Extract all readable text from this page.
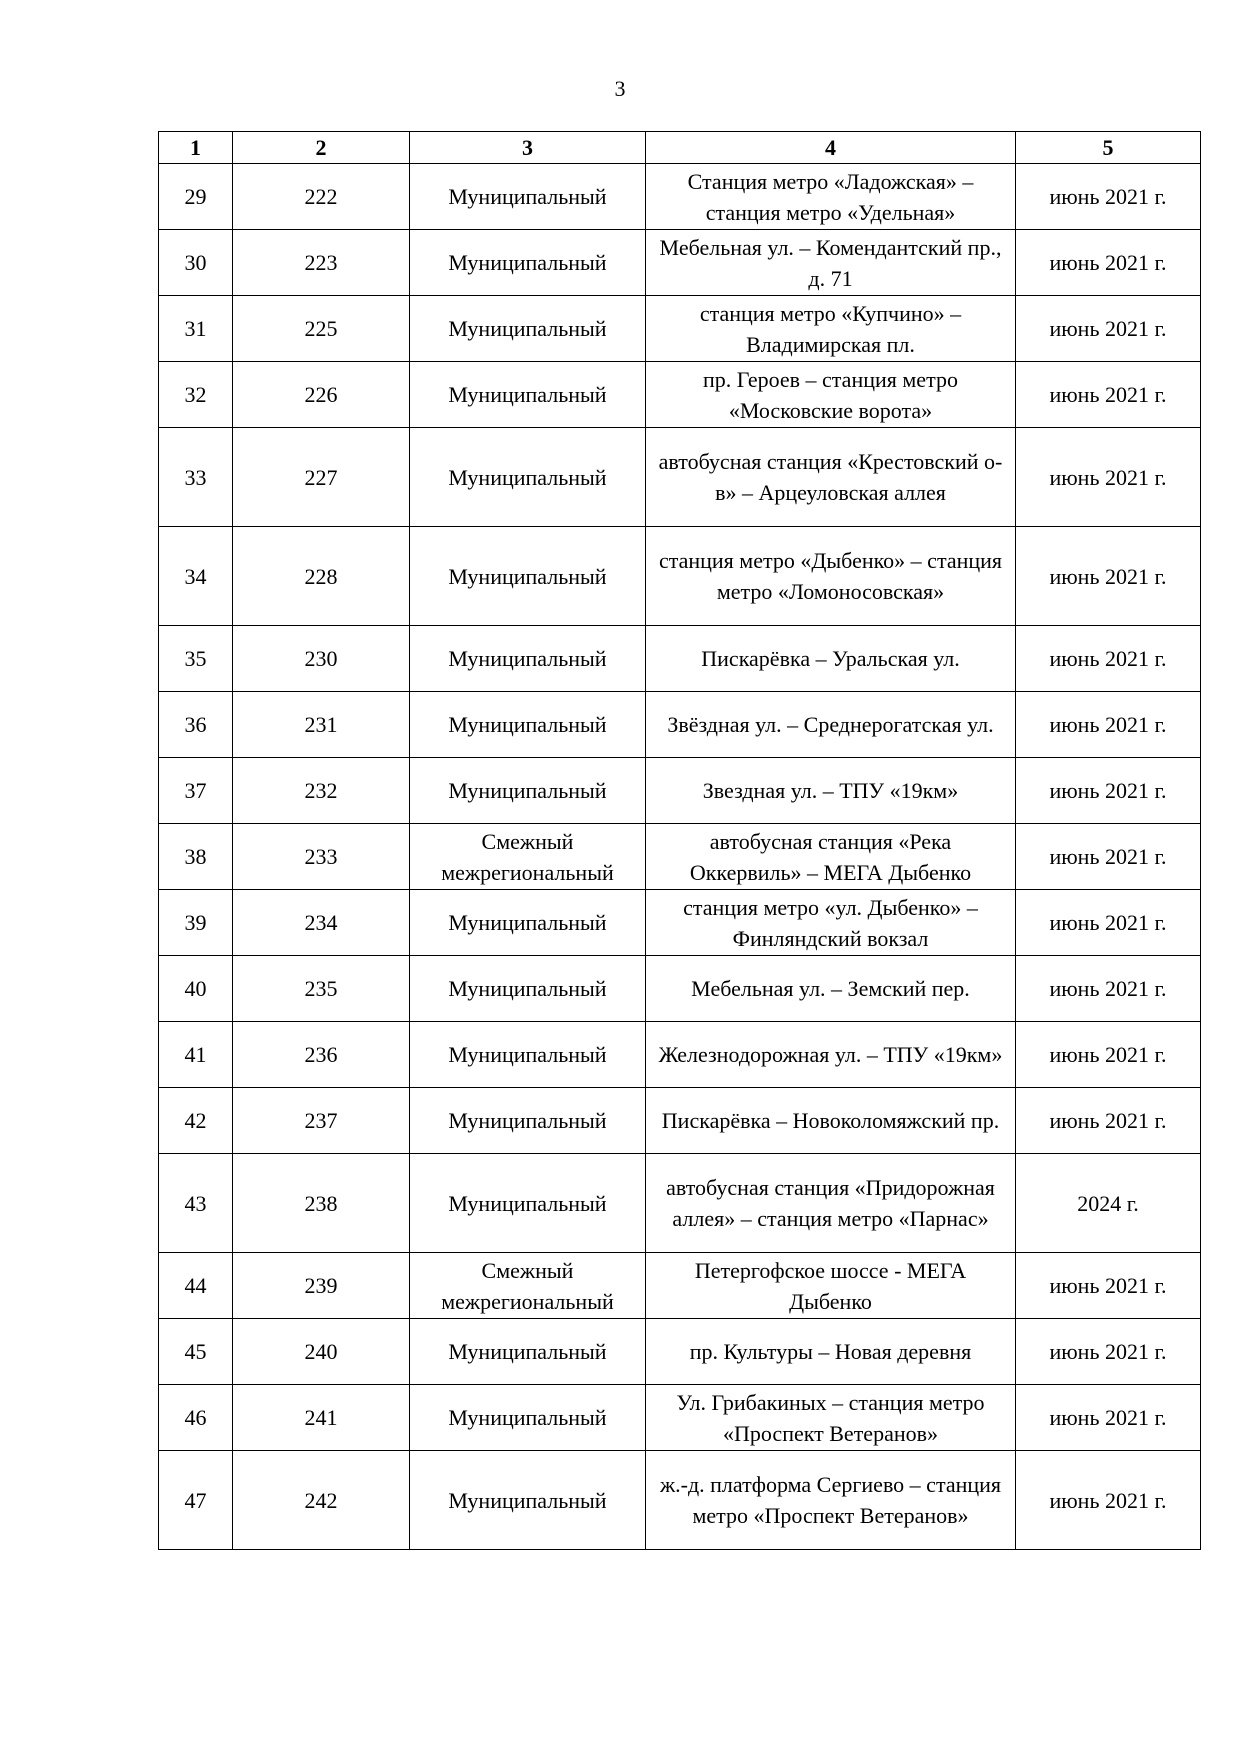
3
1	2	3	4	5
29	222	Муниципальный	Станция метро «Ладожская» – станция метро «Удельная»	июнь 2021 г.
30	223	Муниципальный	Мебельная ул. – Комендантский пр., д. 71	июнь 2021 г.
31	225	Муниципальный	станция метро «Купчино» – Владимирская пл.	июнь 2021 г.
32	226	Муниципальный	пр. Героев – станция метро «Московские ворота»	июнь 2021 г.
33	227	Муниципальный	автобусная станция «Крестовский о-в» – Арцеуловская аллея	июнь 2021 г.
34	228	Муниципальный	станция метро «Дыбенко» – станция метро «Ломоносовская»	июнь 2021 г.
35	230	Муниципальный	Пискарёвка – Уральская ул.	июнь 2021 г.
36	231	Муниципальный	Звёздная ул. – Среднерогатская ул.	июнь 2021 г.
37	232	Муниципальный	Звездная ул. – ТПУ «19км»	июнь 2021 г.
38	233	Смежный межрегиональный	автобусная станция «Река Оккервиль» – МЕГА Дыбенко	июнь 2021 г.
39	234	Муниципальный	станция метро «ул. Дыбенко» – Финляндский вокзал	июнь 2021 г.
40	235	Муниципальный	Мебельная ул. – Земский пер.	июнь 2021 г.
41	236	Муниципальный	Железнодорожная ул. – ТПУ «19км»	июнь 2021 г.
42	237	Муниципальный	Пискарёвка – Новоколомяжский пр.	июнь 2021 г.
43	238	Муниципальный	автобусная станция «Придорожная аллея» – станция метро «Парнас»	2024 г.
44	239	Смежный межрегиональный	Петергофское шоссе - МЕГА Дыбенко	июнь 2021 г.
45	240	Муниципальный	пр. Культуры – Новая деревня	июнь 2021 г.
46	241	Муниципальный	Ул. Грибакиных – станция метро «Проспект Ветеранов»	июнь 2021 г.
47	242	Муниципальный	ж.-д. платформа Сергиево – станция метро «Проспект Ветеранов»	июнь 2021 г.
